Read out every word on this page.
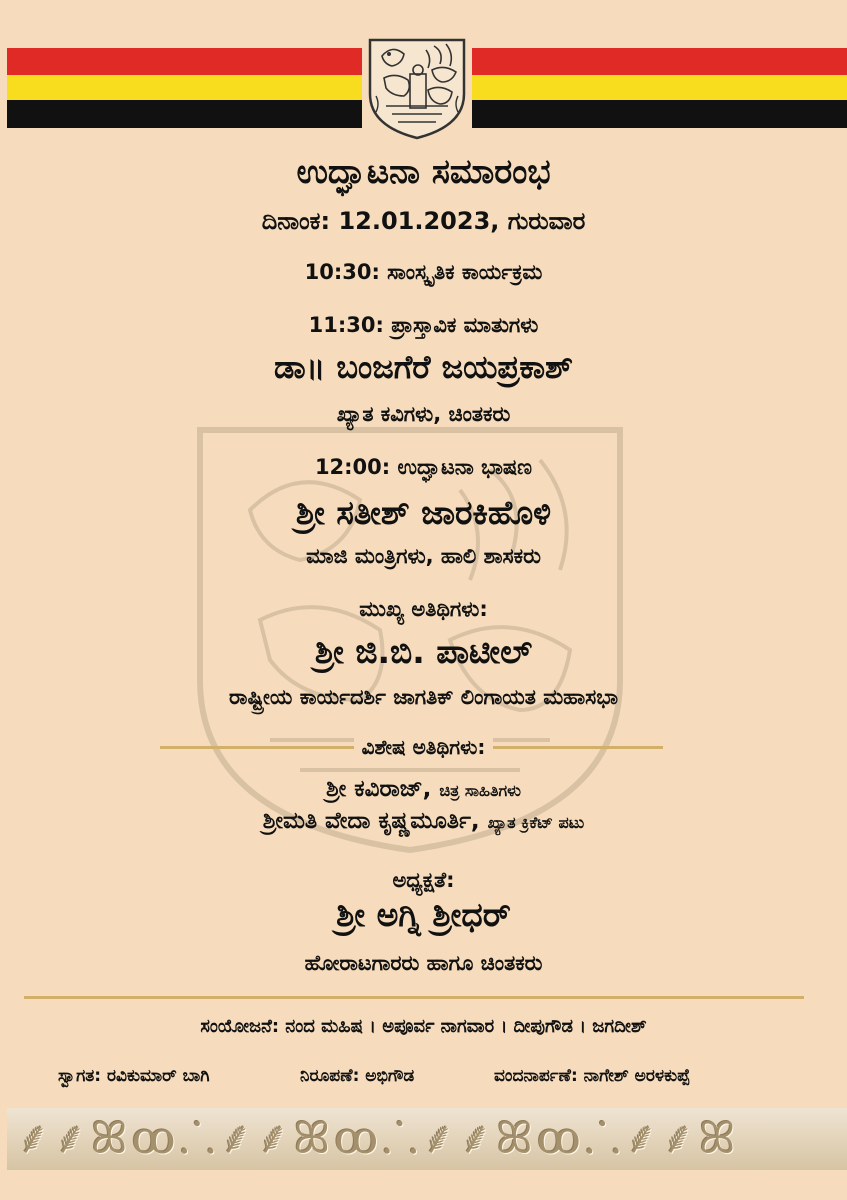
ಉದ್ಘಾಟನಾ ಸಮಾರಂಭ
ದಿನಾಂಕ: 12.01.2023, ಗುರುವಾರ
10:30: ಸಾಂಸ್ಕೃತಿಕ ಕಾರ್ಯಕ್ರಮ
11:30: ಪ್ರಾಸ್ತಾವಿಕ ಮಾತುಗಳು
ಡಾ॥ ಬಂಜಗೆರೆ ಜಯಪ್ರಕಾಶ್
ಖ್ಯಾತ ಕವಿಗಳು, ಚಿಂತಕರು
12:00: ಉದ್ಘಾಟನಾ ಭಾಷಣ
ಶ್ರೀ ಸತೀಶ್ ಜಾರಕಿಹೊಳಿ
ಮಾಜಿ ಮಂತ್ರಿಗಳು, ಹಾಲಿ ಶಾಸಕರು
ಮುಖ್ಯ ಅತಿಥಿಗಳು:
ಶ್ರೀ ಜಿ.ಬಿ. ಪಾಟೀಲ್
ರಾಷ್ಟ್ರೀಯ ಕಾರ್ಯದರ್ಶಿ ಜಾಗತಿಕ್ ಲಿಂಗಾಯತ ಮಹಾಸಭಾ
ವಿಶೇಷ ಅತಿಥಿಗಳು:
ಶ್ರೀ ಕವಿರಾಜ್, ಚಿತ್ರ ಸಾಹಿತಿಗಳು
ಶ್ರೀಮತಿ ವೇದಾ ಕೃಷ್ಣಮೂರ್ತಿ, ಖ್ಯಾತ ಕ್ರಿಕೆಟ್ ಪಟು
ಅಧ್ಯಕ್ಷತೆ:
ಶ್ರೀ ಅಗ್ನಿ ಶ್ರೀಧರ್
ಹೋರಾಟಗಾರರು ಹಾಗೂ ಚಿಂತಕರು
ಸಂಯೋಜನೆ: ನಂದ ಮಹಿಷ । ಅಪೂರ್ವ ನಾಗವಾರ । ದೀಪುಗೌಡ । ಜಗದೀಶ್
ಸ್ವಾಗತ: ರವಿಕುಮಾರ್ ಬಾಗಿ	ನಿರೂಪಣೆ: ಅಭಿಗೌಡ	ವಂದನಾರ್ಪಣೆ: ನಾಗೇಶ್ ಅರಳಕುಪ್ಪೆ
⸙⸙ꕤꝏ⸫⸙⸙ꕤꝏ⸫⸙⸙ꕤꝏ⸫⸙⸙ꕤ
